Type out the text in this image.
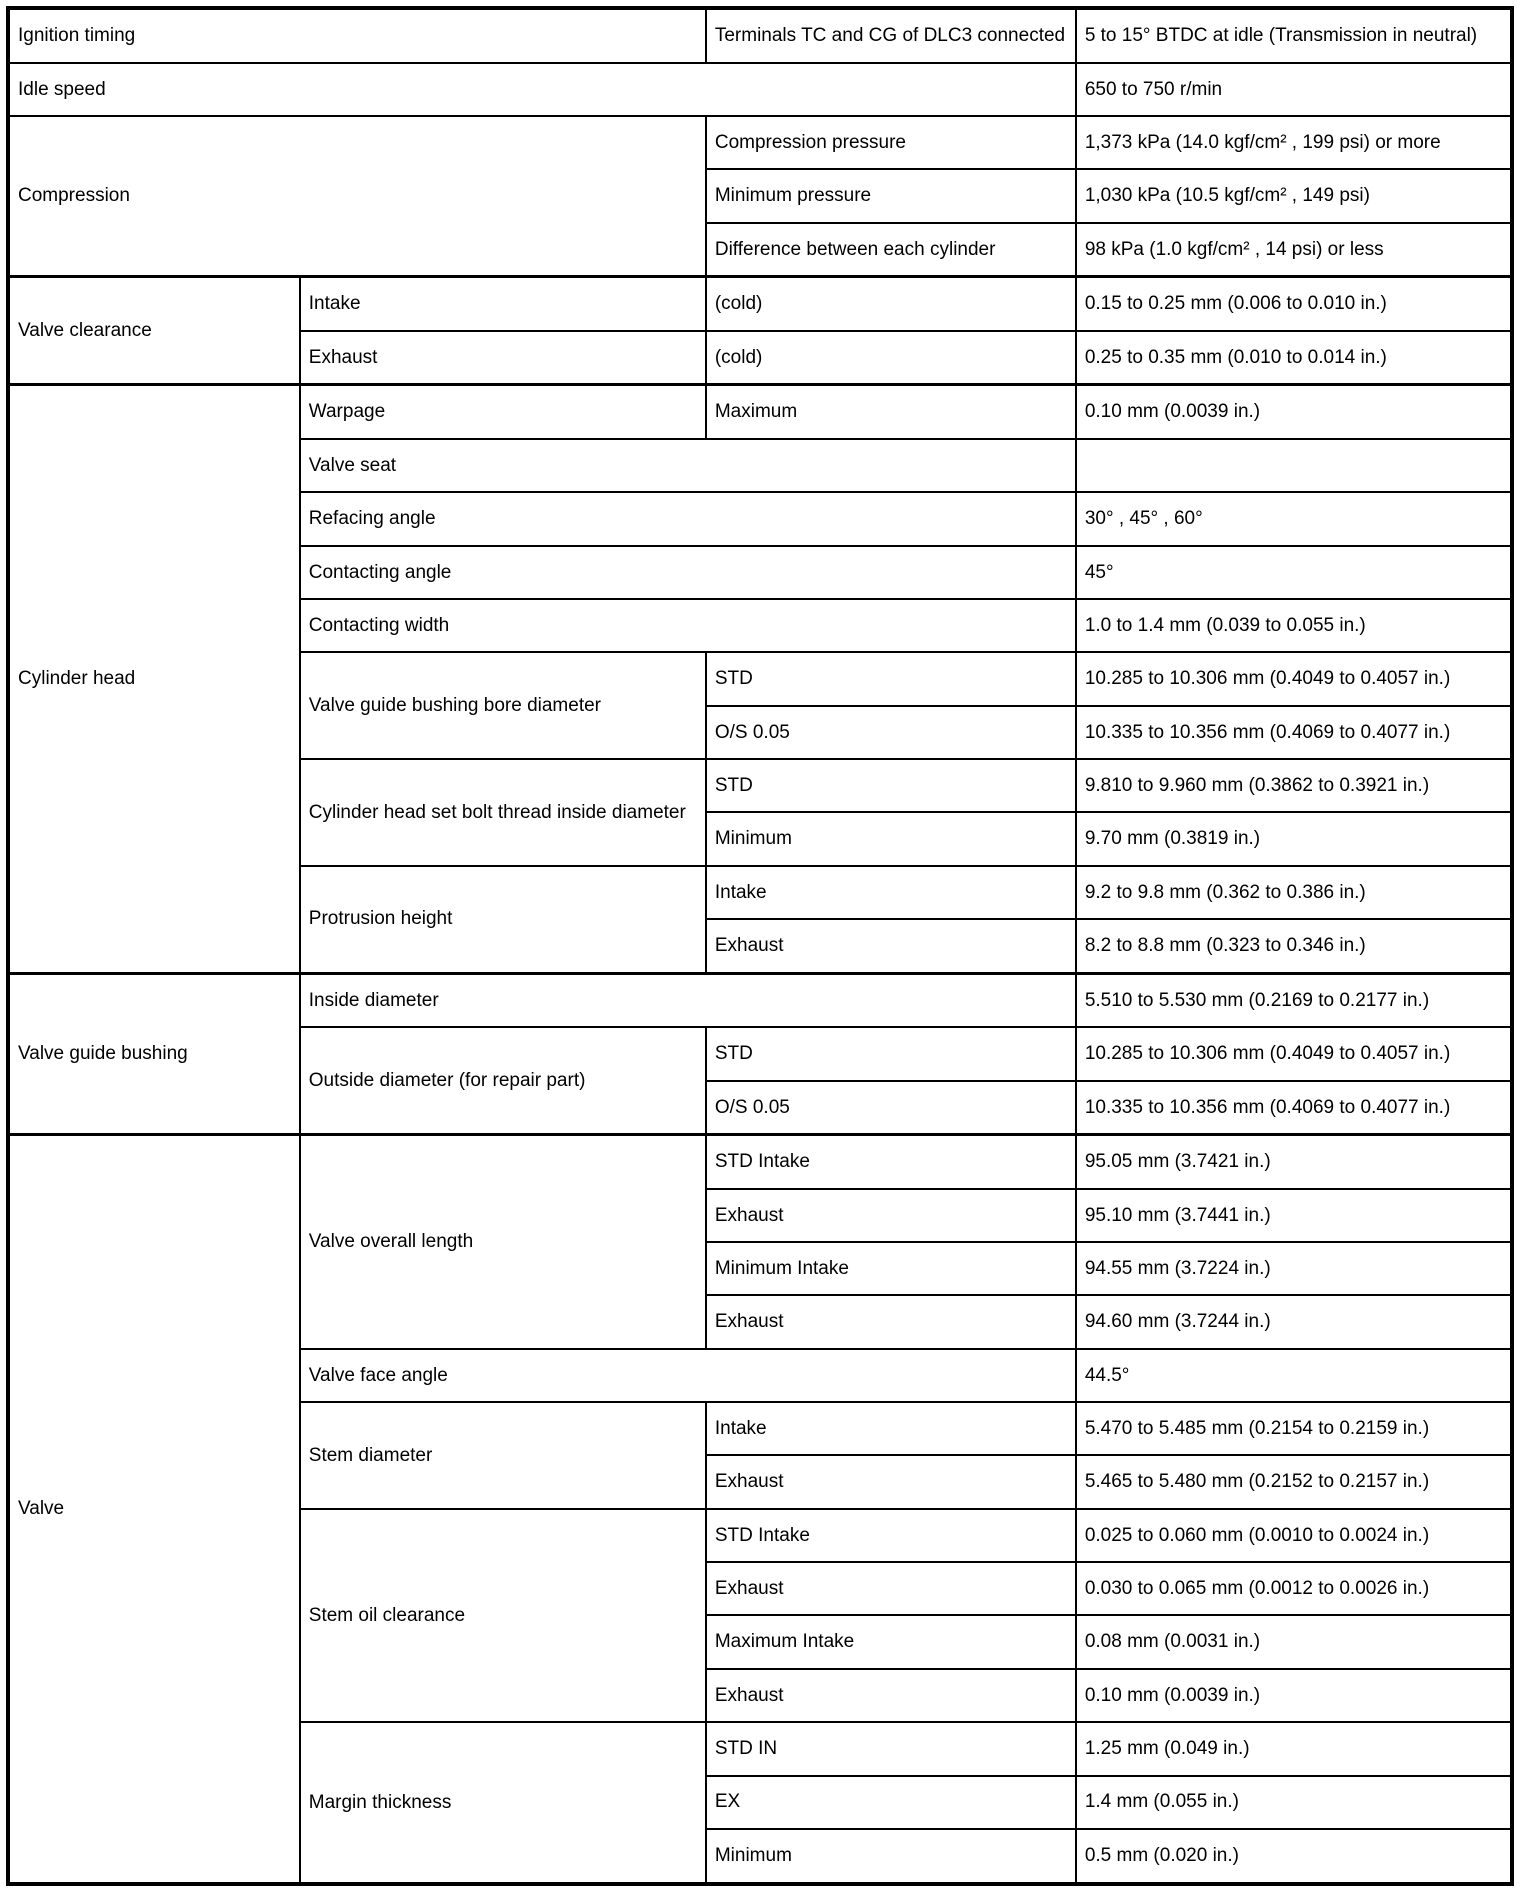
Ignition timing		Terminals TC and CG of DLC3 connected	5 to 15° BTDC at idle (Transmission in neutral)
Idle speed			650 to 750 r/min
Compression		Compression pressure	1,373 kPa (14.0 kgf/cm² , 199 psi) or more
		Minimum pressure	1,030 kPa (10.5 kgf/cm² , 149 psi)
		Difference between each cylinder	98 kPa (1.0 kgf/cm² , 14 psi) or less
Valve clearance	Intake	(cold)	0.15 to 0.25 mm (0.006 to 0.010 in.)
	Exhaust	(cold)	0.25 to 0.35 mm (0.010 to 0.014 in.)
Cylinder head	Warpage	Maximum	0.10 mm (0.0039 in.)
	Valve seat		
	Refacing angle		30° , 45° , 60°
	Contacting angle		45°
	Contacting width		1.0 to 1.4 mm (0.039 to 0.055 in.)
	Valve guide bushing bore diameter	STD	10.285 to 10.306 mm (0.4049 to 0.4057 in.)
		O/S 0.05	10.335 to 10.356 mm (0.4069 to 0.4077 in.)
	Cylinder head set bolt thread inside diameter	STD	9.810 to 9.960 mm (0.3862 to 0.3921 in.)
		Minimum	9.70 mm (0.3819 in.)
	Protrusion height	Intake	9.2 to 9.8 mm (0.362 to 0.386 in.)
		Exhaust	8.2 to 8.8 mm (0.323 to 0.346 in.)
Valve guide bushing	Inside diameter		5.510 to 5.530 mm (0.2169 to 0.2177 in.)
	Outside diameter (for repair part)	STD	10.285 to 10.306 mm (0.4049 to 0.4057 in.)
		O/S 0.05	10.335 to 10.356 mm (0.4069 to 0.4077 in.)
Valve	Valve overall length	STD Intake	95.05 mm (3.7421 in.)
		Exhaust	95.10 mm (3.7441 in.)
		Minimum Intake	94.55 mm (3.7224 in.)
		Exhaust	94.60 mm (3.7244 in.)
	Valve face angle		44.5°
	Stem diameter	Intake	5.470 to 5.485 mm (0.2154 to 0.2159 in.)
		Exhaust	5.465 to 5.480 mm (0.2152 to 0.2157 in.)
	Stem oil clearance	STD Intake	0.025 to 0.060 mm (0.0010 to 0.0024 in.)
		Exhaust	0.030 to 0.065 mm (0.0012 to 0.0026 in.)
		Maximum Intake	0.08 mm (0.0031 in.)
		Exhaust	0.10 mm (0.0039 in.)
	Margin thickness	STD IN	1.25 mm (0.049 in.)
		EX	1.4 mm (0.055 in.)
		Minimum	0.5 mm (0.020 in.)
